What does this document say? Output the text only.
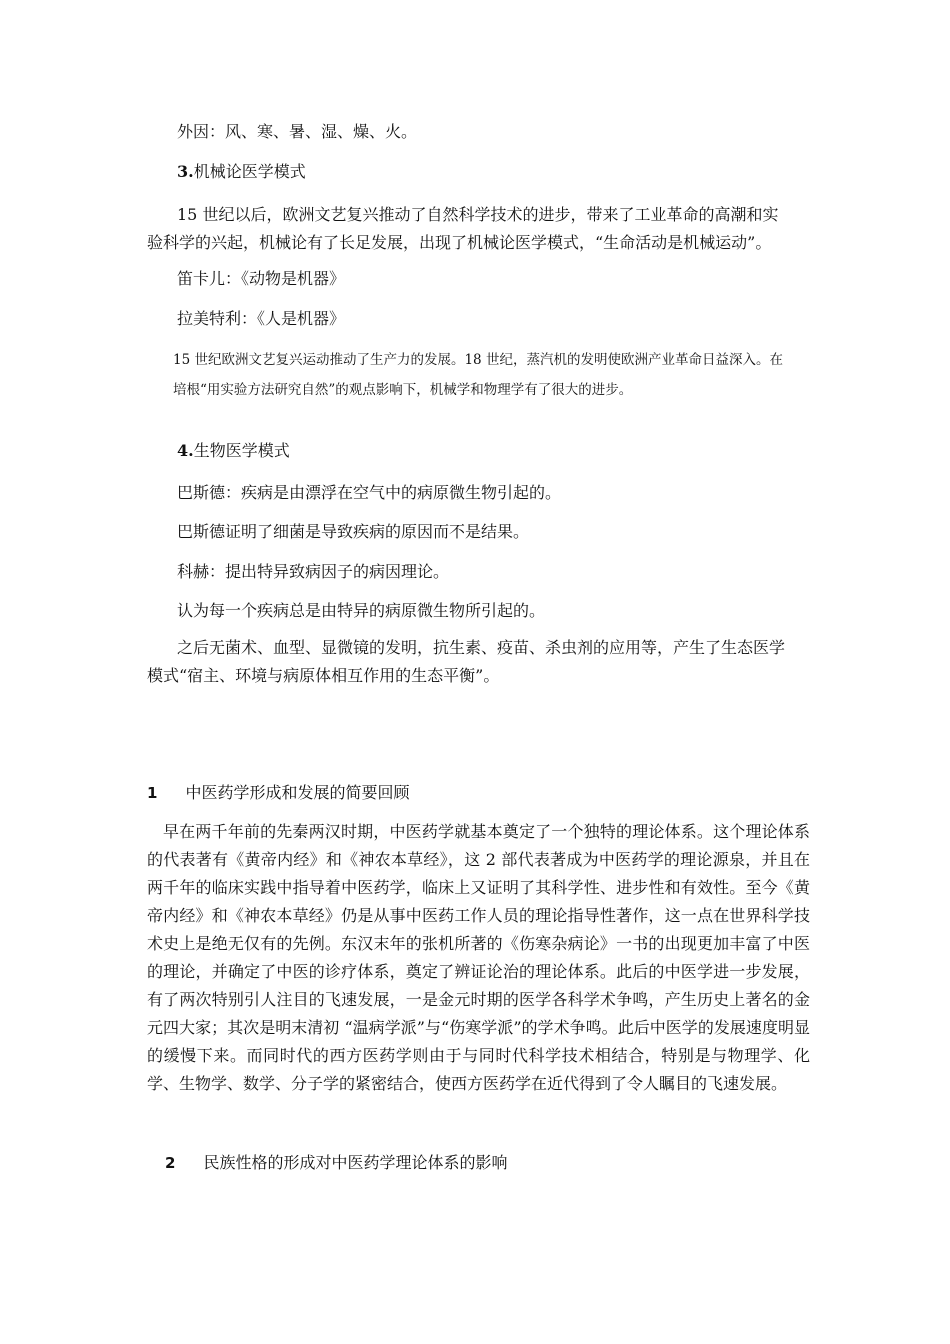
外因：风、寒、暑、湿、燥、火。

3.机械论医学模式

15 世纪以后，欧洲文艺复兴推动了自然科学技术的进步，带来了工业革命的高潮和实

验科学的兴起，机械论有了长足发展，出现了机械论医学模式，“生命活动是机械运动”。

笛卡儿：《动物是机器》

拉美特利：《人是机器》

15 世纪欧洲文艺复兴运动推动了生产力的发展。18 世纪，蒸汽机的发明使欧洲产业革命日益深入。在

培根“用实验方法研究自然”的观点影响下，机械学和物理学有了很大的进步。

4.生物医学模式

巴斯德：疾病是由漂浮在空气中的病原微生物引起的。

巴斯德证明了细菌是导致疾病的原因而不是结果。

科赫：提出特异致病因子的病因理论。

认为每一个疾病总是由特异的病原微生物所引起的。

之后无菌术、血型、显微镜的发明，抗生素、疫苗、杀虫剂的应用等，产生了生态医学

模式“宿主、环境与病原体相互作用的生态平衡”。

1 中医药学形成和发展的简要回顾

早在两千年前的先秦两汉时期，中医药学就基本奠定了一个独特的理论体系。这个理论体系的代表著有《黄帝内经》和《神农本草经》，这 2 部代表著成为中医药学的理论源泉，并且在两千年的临床实践中指导着中医药学，临床上又证明了其科学性、进步性和有效性。至今《黄帝内经》和《神农本草经》仍是从事中医药工作人员的理论指导性著作，这一点在世界科学技术史上是绝无仅有的先例。东汉末年的张机所著的《伤寒杂病论》一书的出现更加丰富了中医的理论，并确定了中医的诊疗体系，奠定了辨证论治的理论体系。此后的中医学进一步发展，有了两次特别引人注目的飞速发展，一是金元时期的医学各科学术争鸣，产生历史上著名的金元四大家；其次是明末清初 “温病学派”与“伤寒学派”的学术争鸣。此后中医学的发展速度明显的缓慢下来。而同时代的西方医药学则由于与同时代科学技术相结合，特别是与物理学、化学、生物学、数学、分子学的紧密结合，使西方医药学在近代得到了令人瞩目的飞速发展。

2 民族性格的形成对中医药学理论体系的影响
